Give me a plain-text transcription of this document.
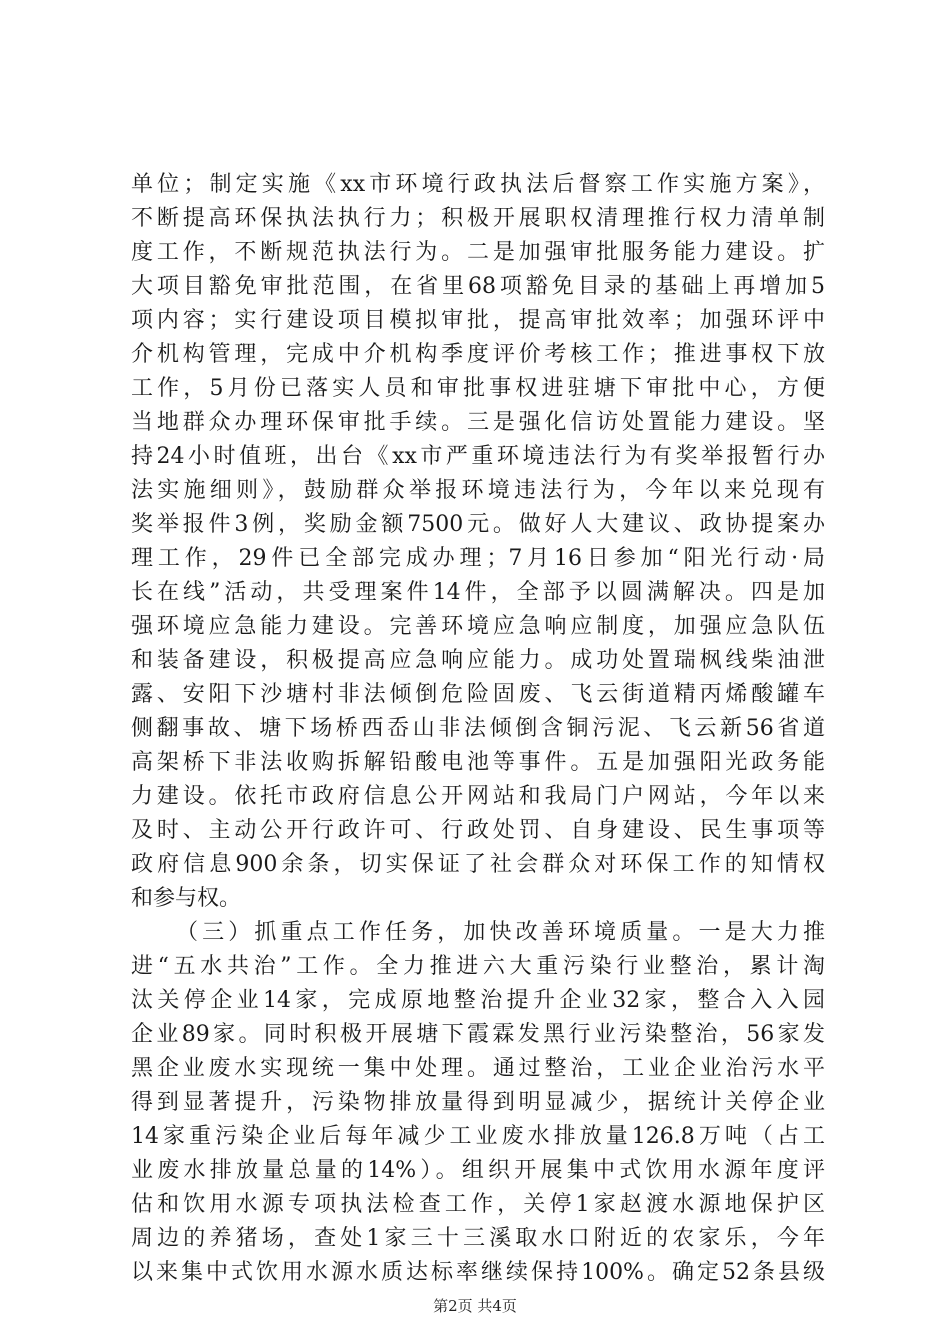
单位；制定实施《xx市环境行政执法后督察工作实施方案》，
不断提高环保执法执行力；积极开展职权清理推行权力清单制
度工作，不断规范执法行为。二是加强审批服务能力建设。扩
大项目豁免审批范围，在省里68项豁免目录的基础上再增加5
项内容；实行建设项目模拟审批，提高审批效率；加强环评中
介机构管理，完成中介机构季度评价考核工作；推进事权下放
工作，5月份已落实人员和审批事权进驻塘下审批中心，方便
当地群众办理环保审批手续。三是强化信访处置能力建设。坚
持24小时值班，出台《xx市严重环境违法行为有奖举报暂行办
法实施细则》，鼓励群众举报环境违法行为，今年以来兑现有
奖举报件3例，奖励金额7500元。做好人大建议、政协提案办
理工作，29件已全部完成办理；7月16日参加“阳光行动·局
长在线”活动，共受理案件14件，全部予以圆满解决。四是加
强环境应急能力建设。完善环境应急响应制度，加强应急队伍
和装备建设，积极提高应急响应能力。成功处置瑞枫线柴油泄
露、安阳下沙塘村非法倾倒危险固废、飞云街道精丙烯酸罐车
侧翻事故、塘下场桥西岙山非法倾倒含铜污泥、飞云新56省道
高架桥下非法收购拆解铅酸电池等事件。五是加强阳光政务能
力建设。依托市政府信息公开网站和我局门户网站，今年以来
及时、主动公开行政许可、行政处罚、自身建设、民生事项等
政府信息900余条，切实保证了社会群众对环保工作的知情权
和参与权。
（三）抓重点工作任务，加快改善环境质量。一是大力推
进“五水共治”工作。全力推进六大重污染行业整治，累计淘
汰关停企业14家，完成原地整治提升企业32家，整合入入园
企业89家。同时积极开展塘下霞霖发黑行业污染整治，56家发
黑企业废水实现统一集中处理。通过整治，工业企业治污水平
得到显著提升，污染物排放量得到明显减少，据统计关停企业
14家重污染企业后每年减少工业废水排放量126.8万吨（占工
业废水排放量总量的14%）。组织开展集中式饮用水源年度评
估和饮用水源专项执法检查工作，关停1家赵渡水源地保护区
周边的养猪场，查处1家三十三溪取水口附近的农家乐，今年
以来集中式饮用水源水质达标率继续保持100%。确定52条县级
第2页 共4页
